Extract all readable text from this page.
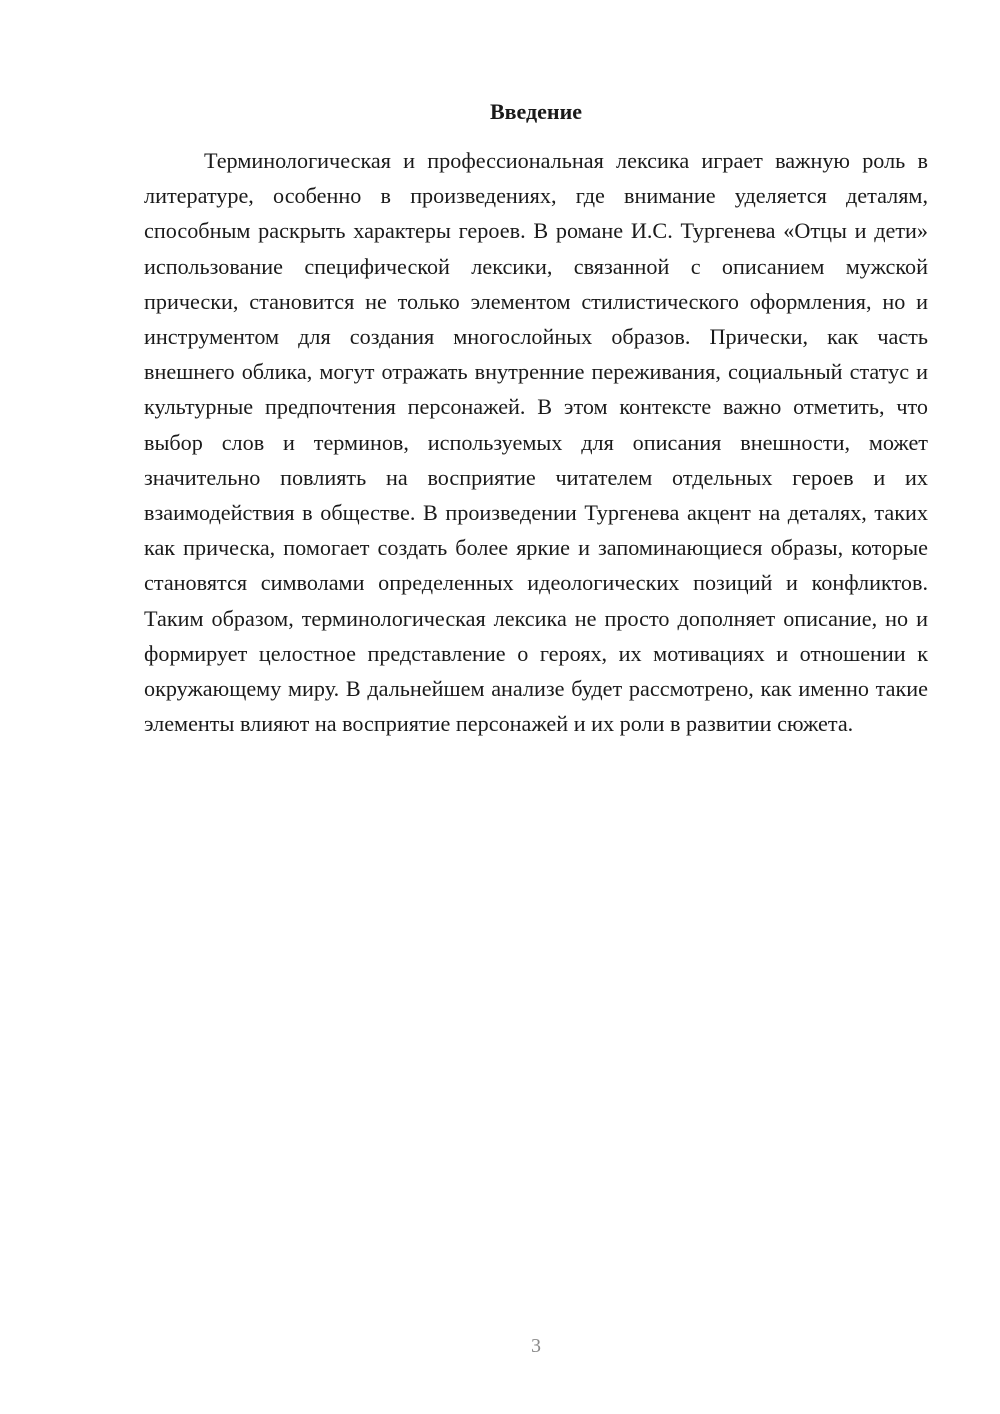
Введение

Терминологическая и профессиональная лексика играет важную роль в литературе, особенно в произведениях, где внимание уделяется деталям, способным раскрыть характеры героев. В романе И.С. Тургенева «Отцы и дети» использование специфической лексики, связанной с описанием мужской прически, становится не только элементом стилистического оформления, но и инструментом для создания многослойных образов. Прически, как часть внешнего облика, могут отражать внутренние переживания, социальный статус и культурные предпочтения персонажей. В этом контексте важно отметить, что выбор слов и терминов, используемых для описания внешности, может значительно повлиять на восприятие читателем отдельных героев и их взаимодействия в обществе. В произведении Тургенева акцент на деталях, таких как прическа, помогает создать более яркие и запоминающиеся образы, которые становятся символами определенных идеологических позиций и конфликтов. Таким образом, терминологическая лексика не просто дополняет описание, но и формирует целостное представление о героях, их мотивациях и отношении к окружающему миру. В дальнейшем анализе будет рассмотрено, как именно такие элементы влияют на восприятие персонажей и их роли в развитии сюжета.

3
